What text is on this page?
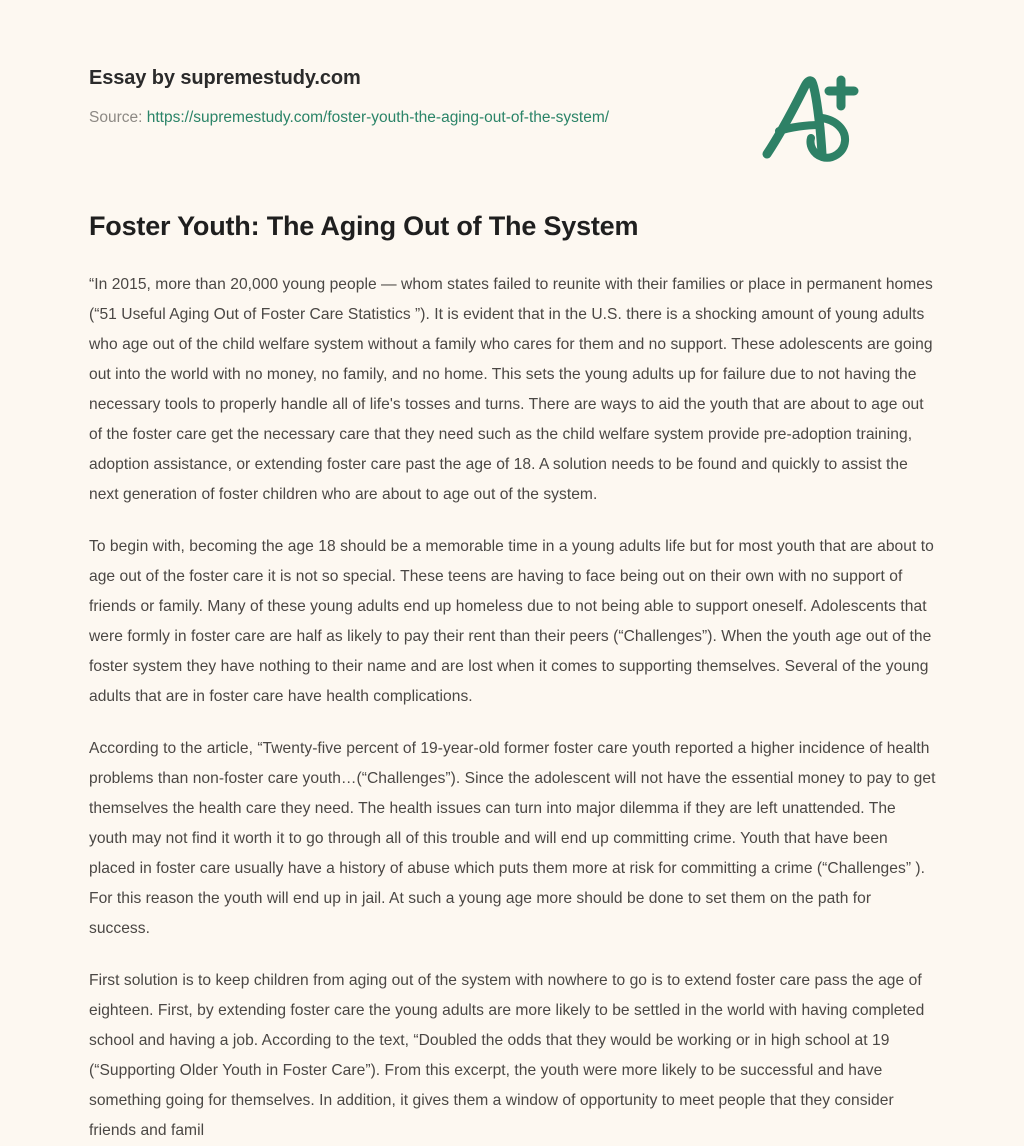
Essay by supremestudy.com
Source: https://supremestudy.com/foster-youth-the-aging-out-of-the-system/
Foster Youth: The Aging Out of The System

“In 2015, more than 20,000 young people — whom states failed to reunite with their families or place in permanent homes (“51 Useful Aging Out of Foster Care Statistics ”). It is evident that in the U.S. there is a shocking amount of young adults who age out of the child welfare system without a family who cares for them and no support. These adolescents are going out into the world with no money, no family, and no home. This sets the young adults up for failure due to not having the necessary tools to properly handle all of life's tosses and turns. There are ways to aid the youth that are about to age out of the foster care get the necessary care that they need such as the child welfare system provide pre-adoption training, adoption assistance, or extending foster care past the age of 18. A solution needs to be found and quickly to assist the next generation of foster children who are about to age out of the system.

To begin with, becoming the age 18 should be a memorable time in a young adults life but for most youth that are about to age out of the foster care it is not so special. These teens are having to face being out on their own with no support of friends or family. Many of these young adults end up homeless due to not being able to support oneself. Adolescents that were formly in foster care are half as likely to pay their rent than their peers (“Challenges”). When the youth age out of the foster system they have nothing to their name and are lost when it comes to supporting themselves. Several of the young adults that are in foster care have health complications.

According to the article, “Twenty-five percent of 19-year-old former foster care youth reported a higher incidence of health problems than non-foster care youth…(“Challenges”). Since the adolescent will not have the essential money to pay to get themselves the health care they need. The health issues can turn into major dilemma if they are left unattended. The youth may not find it worth it to go through all of this trouble and will end up committing crime. Youth that have been placed in foster care usually have a history of abuse which puts them more at risk for committing a crime (“Challenges” ). For this reason the youth will end up in jail. At such a young age more should be done to set them on the path for success.

First solution is to keep children from aging out of the system with nowhere to go is to extend foster care pass the age of eighteen. First, by extending foster care the young adults are more likely to be settled in the world with having completed school and having a job. According to the text, “Doubled the odds that they would be working or in high school at 19 (“Supporting Older Youth in Foster Care”). From this excerpt, the youth were more likely to be successful and have something going for themselves. In addition, it gives them a window of opportunity to meet people that they consider friends and famil
